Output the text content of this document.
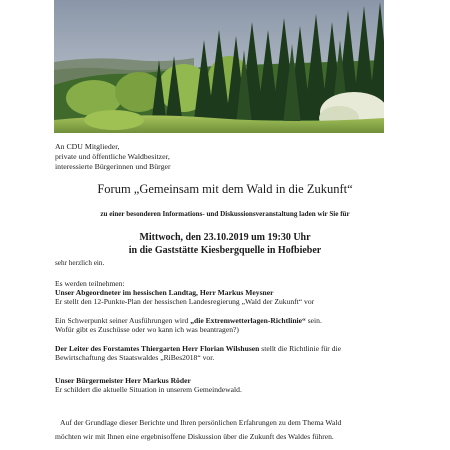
An CDU Mitglieder,
private und öffentliche Waldbesitzer,
interessierte Bürgerinnen und Bürger
Forum „Gemeinsam mit dem Wald in die Zukunft“
zu einer besonderen Informations- und Diskussionsveranstaltung laden wir Sie für
Mittwoch, den 23.10.2019 um 19:30 Uhr
in die Gaststätte Kiesbergquelle in Hofbieber
sehr herzlich ein.
Es werden teilnehmen:
Unser Abgeordneter im hessischen Landtag, Herr Markus Meysner
Er stellt den 12-Punkte-Plan der hessischen Landesregierung „Wald der Zukunft“ vor
Ein Schwerpunkt seiner Ausführungen wird „die Extremwetterlagen-Richtlinie“ sein.
Wofür gibt es Zuschüsse oder wo kann ich was beantragen?)
Der Leiter des Forstamtes Thiergarten Herr Florian Wilshusen stellt die Richtlinie für die
Bewirtschaftung des Staatswaldes „RiBes2018“ vor.
Unser Bürgermeister Herr Markus Röder
Er schildert die aktuelle Situation in unserem Gemeindewald.
Auf der Grundlage dieser Berichte und Ihren persönlichen Erfahrungen zu dem Thema Wald
möchten wir mit Ihnen eine ergebnisoffene Diskussion über die Zukunft des Waldes führen.
